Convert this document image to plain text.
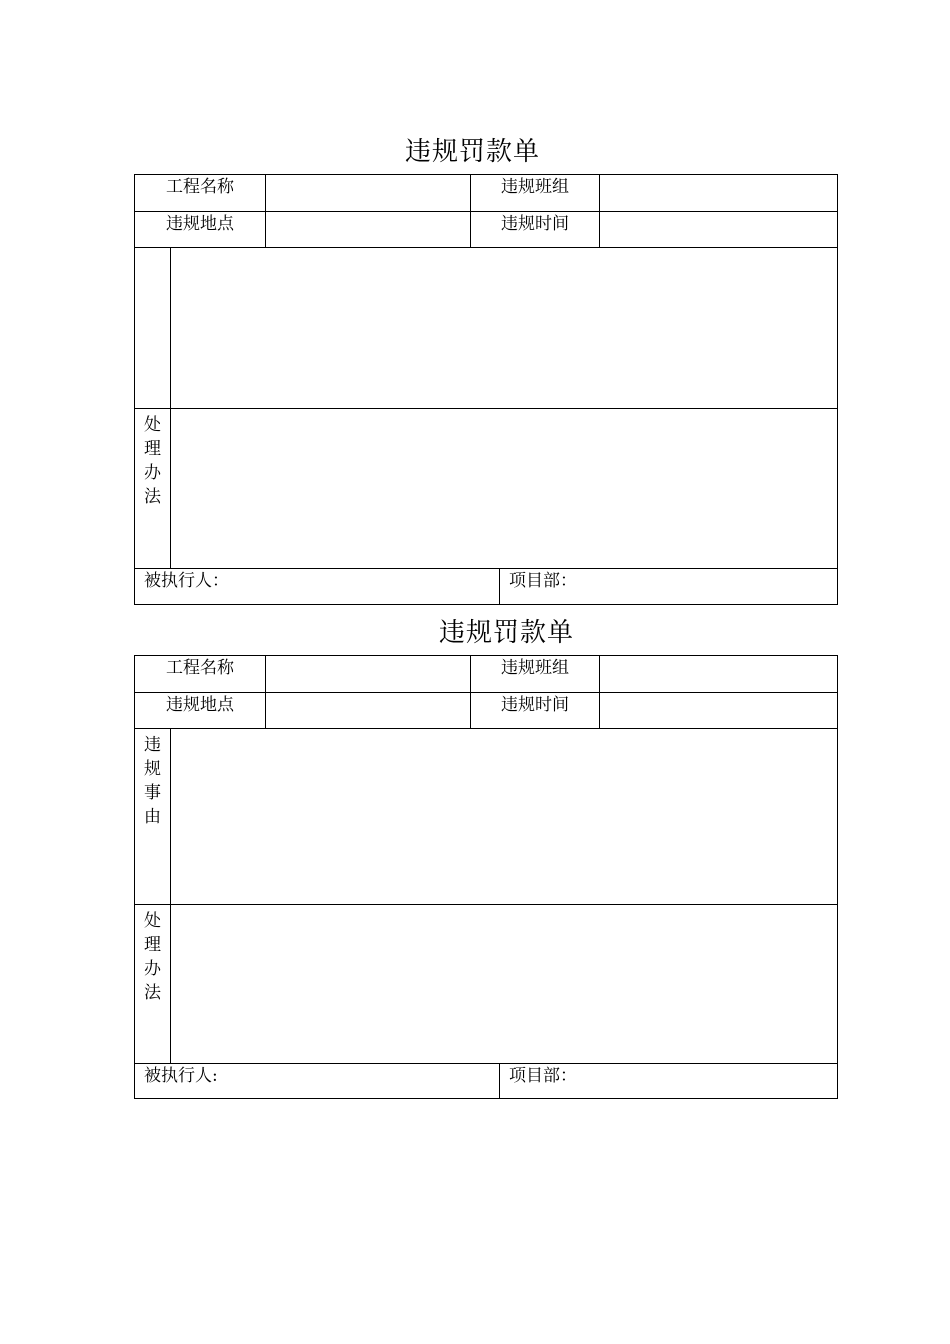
违规罚款单
工程名称	违规班组
违规地点	违规时间
处
理
办
法
被执行人：	项目部：
违规罚款单
工程名称	违规班组
违规地点	违规时间
违
规
事
由
处
理
办
法
被执行人:	项目部：
